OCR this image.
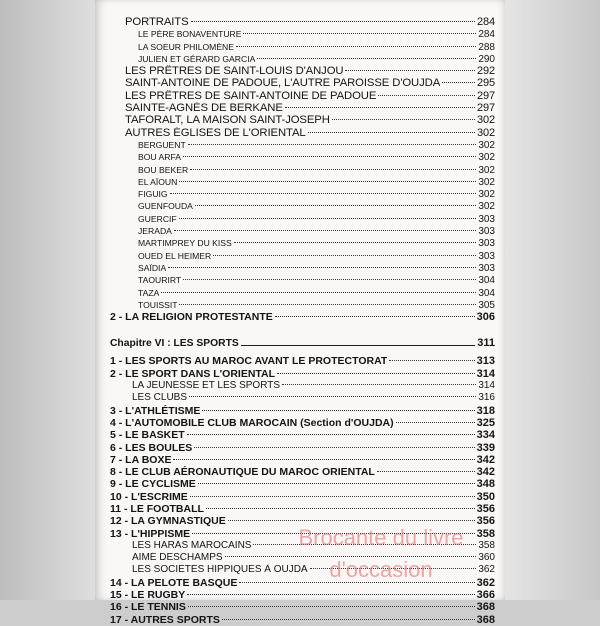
PORTRAITS	284
LE PÈRE BONAVENTURE	284
LA SOEUR PHILOMÈNE	288
JULIEN ET GÉRARD GARCIA	290
LES PRÊTRES DE SAINT-LOUIS D'ANJOU	292
SAINT-ANTOINE DE PADOUE, L'AUTRE PAROISSE D'OUJDA	295
LES PRÊTRES DE SAINT-ANTOINE DE PADOUE	297
SAINTE-AGNÈS DE BERKANE	297
TAFORALT, LA MAISON SAINT-JOSEPH	302
AUTRES ÉGLISES DE L'ORIENTAL	302
BERGUENT	302
BOU ARFA	302
BOU BEKER	302
EL AÏOUN	302
FIGUIG	302
GUENFOUDA	302
GUERCIF	303
JERADA	303
MARTIMPREY DU KISS	303
OUED EL HEIMER	303
SAÏDIA	303
TAOURIRT	304
TAZA	304
TOUISSIT	305
2 - LA RELIGION PROTESTANTE	306
Chapitre VI : LES SPORTS	311
1 - LES SPORTS AU MAROC AVANT LE PROTECTORAT	313
2 - LE SPORT DANS L'ORIENTAL	314
LA JEUNESSE ET LES SPORTS	314
LES CLUBS	316
3 - L'ATHLÉTISME	318
4 - L'AUTOMOBILE CLUB MAROCAIN (Section d'OUJDA)	325
5 - LE BASKET	334
6 - LES BOULES	339
7 - LA BOXE	342
8 - LE CLUB AÉRONAUTIQUE DU MAROC ORIENTAL	342
9 - LE CYCLISME	348
10 - L'ESCRIME	350
11 - LE FOOTBALL	356
12 - LA GYMNASTIQUE	356
13 - L'HIPPISME	358
LES HARAS MAROCAINS	358
AIMÉ DESCHAMPS	360
LES SOCIÉTÉS HIPPIQUES À OUJDA	362
14 - LA PELOTE BASQUE	362
15 - LE RUGBY	366
16 - LE TENNIS	368
17 - AUTRES SPORTS	368
Brocante du livre
d'occasion
